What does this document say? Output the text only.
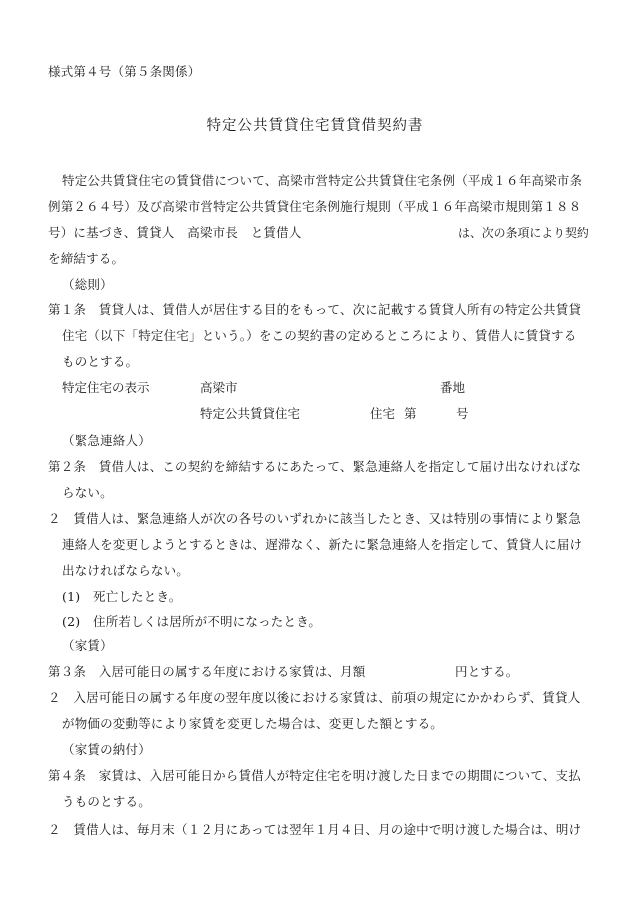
様式第４号（第５条関係）
特定公共賃貸住宅賃貸借契約書
特定公共賃貸住宅の賃貸借について、高梁市営特定公共賃貸住宅条例（平成１６年高梁市条
例第２６４号）及び高梁市営特定公共賃貸住宅条例施行規則（平成１６年高梁市規則第１８８
号）に基づき、賃貸人　高梁市長　と賃借人	は、次の条項により契約
を締結する。
（総則）
第１条　賃貸人は、賃借人が居住する目的をもって、次に記載する賃貸人所有の特定公共賃貸
住宅（以下「特定住宅」という。）をこの契約書の定めるところにより、賃借人に賃貸する
ものとする。
特定住宅の表示	高梁市	番地
特定公共賃貸住宅	住宅 第	号
（緊急連絡人）
第２条　賃借人は、この契約を締結するにあたって、緊急連絡人を指定して届け出なければな
らない。
２　賃借人は、緊急連絡人が次の各号のいずれかに該当したとき、又は特別の事情により緊急
連絡人を変更しようとするときは、遅滞なく、新たに緊急連絡人を指定して、賃貸人に届け
出なければならない。
(1)　死亡したとき。
(2)　住所若しくは居所が不明になったとき。
（家賃）
第３条　入居可能日の属する年度における家賃は、月額	円とする。
２　入居可能日の属する年度の翌年度以後における家賃は、前項の規定にかかわらず、賃貸人
が物価の変動等により家賃を変更した場合は、変更した額とする。
（家賃の納付）
第４条　家賃は、入居可能日から賃借人が特定住宅を明け渡した日までの期間について、支払
うものとする。
２　賃借人は、毎月末（１２月にあっては翌年１月４日、月の途中で明け渡した場合は、明け
